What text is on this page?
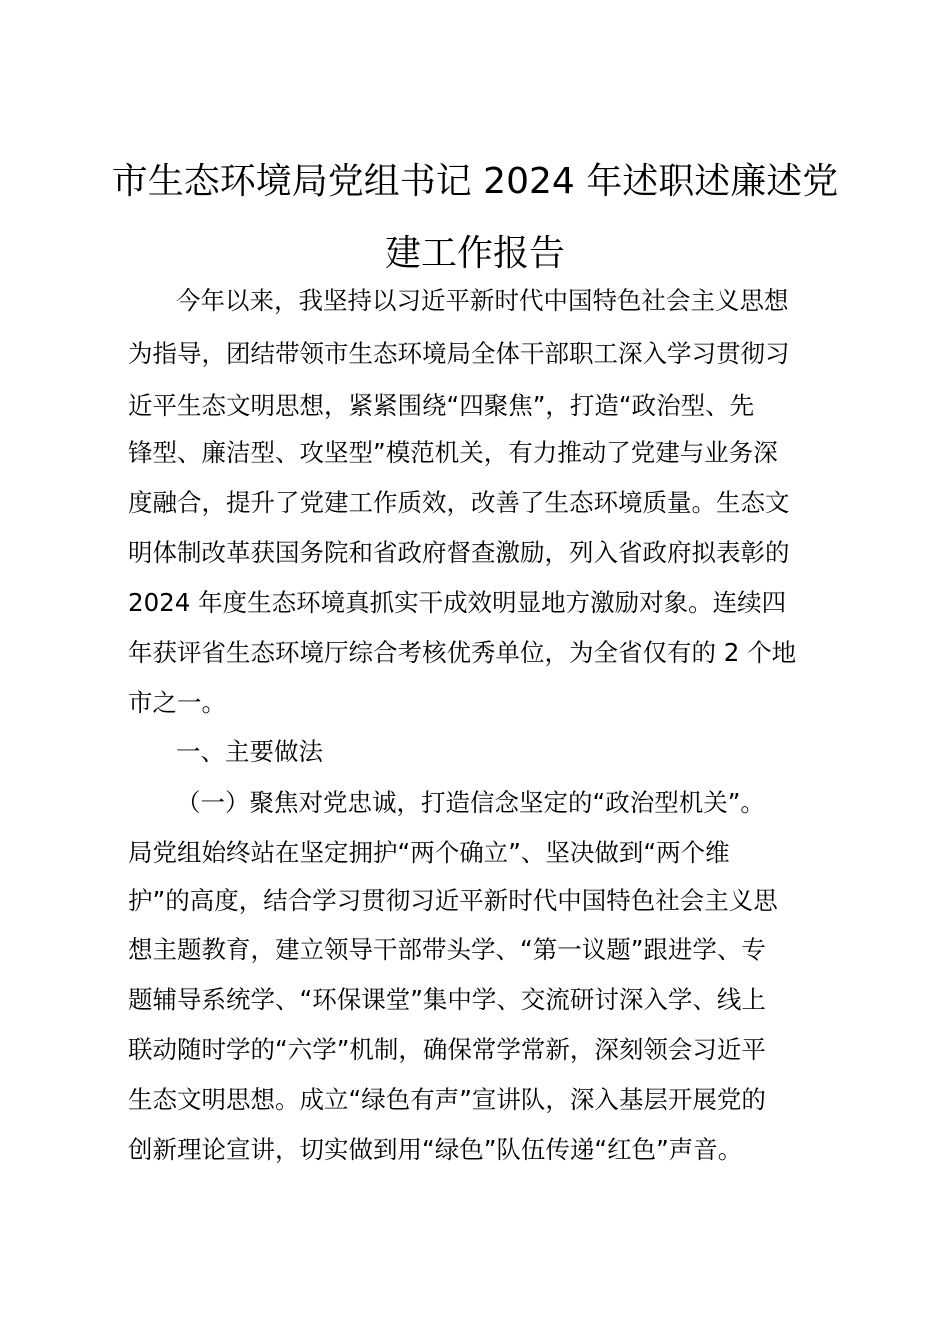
市生态环境局党组书记 2024 年述职述廉述党
建工作报告

今年以来，我坚持以习近平新时代中国特色社会主义思想

为指导，团结带领市生态环境局全体干部职工深入学习贯彻习

近平生态文明思想，紧紧围绕“四聚焦”，打造“政治型、先

锋型、廉洁型、攻坚型”模范机关，有力推动了党建与业务深

度融合，提升了党建工作质效，改善了生态环境质量。生态文

明体制改革获国务院和省政府督查激励，列入省政府拟表彰的

2024 年度生态环境真抓实干成效明显地方激励对象。连续四

年获评省生态环境厅综合考核优秀单位，为全省仅有的 2 个地

市之一。

一、主要做法

（一）聚焦对党忠诚，打造信念坚定的“政治型机关”。

局党组始终站在坚定拥护“两个确立”、坚决做到“两个维

护”的高度，结合学习贯彻习近平新时代中国特色社会主义思

想主题教育，建立领导干部带头学、“第一议题”跟进学、专

题辅导系统学、“环保课堂”集中学、交流研讨深入学、线上

联动随时学的“六学”机制，确保常学常新，深刻领会习近平

生态文明思想。成立“绿色有声”宣讲队，深入基层开展党的

创新理论宣讲，切实做到用“绿色”队伍传递“红色”声音。
